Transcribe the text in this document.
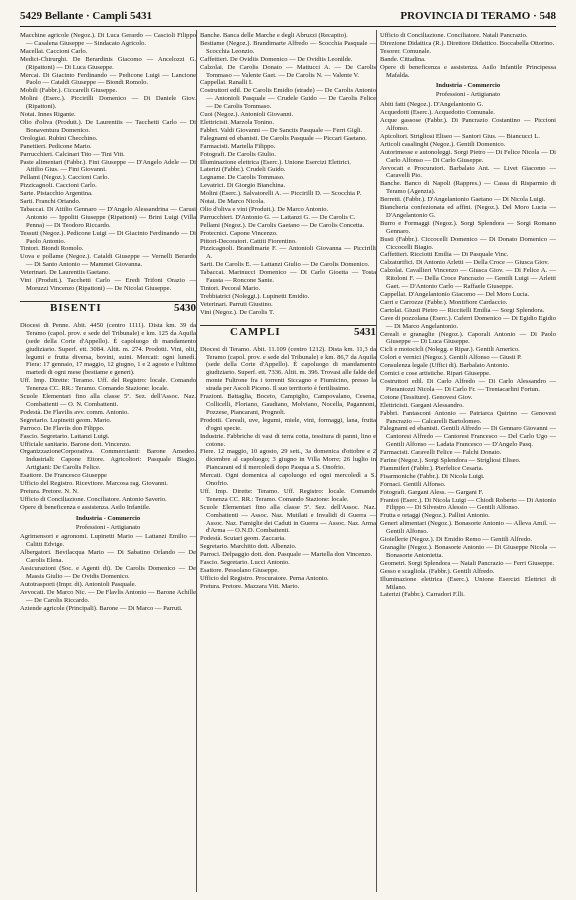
5429 Bellante · Campli 5431	PROVINCIA DI TERAMO · 548

Macchine agricole (Negoz.). Di Luca Gerardo — Cascioli Filippo — Casalena Giuseppe — Sindacato Agricolo.

Macellai. Caccioni Carlo.

Medici-Chirurghi. De Berardinis Giacomo — Ancelozzi G. (Ripattoni) — Di Luca Giuseppe.

Mercai. Di Giacinto Ferdinando — Pedicone Luigi — Lancione Paolo — Cataldi Giuseppe — Biondi Romolo.

Mobili (Fabbr.). Ciccarelli Giuseppe.

Molini (Eserc.). Piccirilli Domenico — Di Daniele Giov. (Ripattoni).

Notai. Innes Rigante.

Olio d'oliva (Produtt.). De Laurentiis — Tacchetti Carlo — Di Bonaventura Domenico.

Orologiai. Rubini Checchino.

Panettieri. Pedicone Mario.

Parrucchieri. Calcinari Tito — Tini Vitt.

Paste alimentari (Fabbr.). Fini Giuseppe — D'Angelo Adele — Di Attilio Gius. — Fini Giovanni.

Pellami (Negoz.). Caccioni Carlo.

Pizzicagnoli. Caccioni Carlo.

Sarte. Pistacchio Argentina.

Sarti. Franchi Oriando.

Tabaccai. Di Attilio Gennaro — D'Angelo Alessandrina — Carusi Antonio — Ippoliti Giuseppe (Ripattoni) — Brini Luigi (Villa Penna) — Di Teodoro Riccardo.

Tessuti (Negoz.). Pedicone Luigi — Di Giacinto Ferdinando — Di Paolo Antonio.

Tintori. Biondi Romolo.

Uova e pollame (Negoz.). Cataldi Giuseppe — Vernelli Berardo — Di Santo Antonio — Mammei Giovanna.

Veterinari. De Laurentiis Gaetano.

Vini (Produtt.). Tacchetti Carlo — Eredi Trifoni Orazio — Moruzzi Vincenzo (Ripattoni) — De Nicolai Giuseppe.

BISENTI	5430

Diocesi di Penne. Abit. 4450 (centro 1111). Dista km. 39 da Teramo (capol. prov. e sede del Tribunale) e km. 125 da Aquila (sede della Corte d'Appello). È capoluogo di mandamento giudiziario. Superf. ett. 3084. Altit. m. 274. Prodotti. Vini, olii, legumi e frutta diversa, bovini, suini. Mercati: ogni lunedì. Fiera: 17 gennaio, 17 maggio, 12 giugno, 1 e 2 agosto e l'ultimo martedì di ogni mese (bestiame e generi).

Uff. Imp. Dirette: Teramo. Uff. del Registro: locale. Comando Tenenza CC. RR.: Teramo. Comando Stazione: locale.

Scuole Elementari fino alla classe 5ª. Sez. dell'Assoc. Naz. Combattenti — O. N. Combattenti.

Podestà. De Flavilis avv. comm. Antonio.

Segretario. Lupinetti geom. Mario.

Parroco. De Flaviis don Filippo.

Fascio. Segretario. Lattanzi Luigi.

Ufficiale sanitario. Barone dott. Vincenzo.

OrganizzazioneCorporativa. Commercianti: Barone Amedeo. Industriali: Capone Ettore. Agricoltori: Pasquale Biagio. Artigiani: De Carolis Felice.

Esattore. De Francesco Giuseppe

Ufficio del Registro. Ricevitore. Marcosa rag. Giovanni.

Pretura. Pretore. N. N.

Ufficio di Conciliazione. Conciliatore. Antonio Saverio.

Opere di beneficenza e assistenza. Asilo Infantile.

Industria - Commercio
Professioni - Artigianato

Agrimensori e agronomi. Lupinetti Mario — Lattanzi Emilio — Calitti Edvige.

Albergatori. Bevilacqua Mario — Di Sabatino Orlando — De Carolis Elena.

Assicurazioni (Soc. e Agenti di). De Carolis Domenico — De Massis Giulio — De Ovidis Domenico.

Autotrasporti (Impr. di). Antonioli Pasquale.

Avvocati. De Marco Nic. — De Flavlis Antonio — Barone Achille — De Carolis Riccardo.

Aziende agricole (Principali). Barone — Di Marco — Parruti.

Banche. Banca delle Marche e degli Abruzzi (Recapito).

Bestiame (Negoz.). Brandimarte Alfredo — Scocchia Pasquale — Scocchia Leonzio.

Caffettieri. De Ovidiis Domenico — De Ovidiis Leonilde.

Calzolai. De Carolis Donato — Mattucci A. — De Carolis Tommaso — Valente Gaet. — De Carolis N. — Valente V.

Cappellai. Ranalli I.

Costruttori edil. De Carolis Emidio (strade) — De Carolis Antonio — Antonioli Pasquale — Crudele Guido — De Carolis Felice — De Carolis Tommaso.

Cuoi (Negoz.). Antonioli Giovanni.

Elettricisti. Marzola Tonino.

Fabbri. Valdi Giovanni — De Sanctis Pasquale — Ferri Gigli.

Falegnami ed ebanisti. De Carolis Pasquale — Piccari Gaetano.

Farmacisti. Martella Filippo.

Fotografi. De Carolis Giulio.

Illuminazione elettrica (Eserc.). Unione Esercizi Elettrici.

Laterizi (Fabbr.). Crudeli Guido.

Legname. De Carolis Tommaso.

Levatrici. Di Giorgio Bianchina.

Molini (Eserc.). Salvatorelli A. — Piccirilli D. — Scocchia P.

Notai. De Marco Nicola.

Olio d'oliva e vini (Produtt.). De Marco Antonio.

Parrucchieri. D'Antonio G. — Lattanzi G. — De Carolis C.

Pellami (Negoz.). De Carolis Gaetano — De Carolis Concetta.

Protecnici. Capone Vincenzo.

Pittori-Decoratori. Cattiti Fiorentino.

Pizzicagnoli. Brandimarte F. — Antonioli Giovanna — Piccirilli A.

Sarti. De Carolis E. — Lattanzi Giulio — De Carolis Domenico.

Tabaccai. Marinucci Domenico — Di Carlo Gioetta — Tosta Fausta — Roncone Sante.

Tintori. Pecoral Mario.

Trebbiatrici (Noleggi.). Lupinetti Emidio.

Veterinari. Parruti Giustino.

Vini (Negoz.). De Carolis T.

CAMPLI	5431

Diocesi di Teramo. Abit. 11.109 (centro 1212). Dista km. 11,3 da Teramo (capol. prov. e sede del Tribunale) e km. 86,7 da Aquila (sede della Corte d'Appello). È capoluogo di mandamento giudiziario. Superf. ett. 7336. Altit. m. 396. Trovasi alle falde del monte Fultrone fra i torrenti Siccagno e Fiumicino, presso la strada per Ascoli Piceno. Il suo territorio è fertilissimo.

Frazioni. Battaglia, Boceto, Campiglio, Campovalano, Cesena, Collicelli, Floriano, Gaudiano, Molviano, Nocella, Pagannoni, Pozzese, Piancarani, Prognoli.

Prodotti. Cereali, uve, legumi, miele, vini, formaggi, lana, frutta d'ogni specie.

Industrie. Fabbriche di vasi di terra cotta, tessitura di panni, lino e cotone.

Fiere. 12 maggio, 10 agosto, 29 sett., 3a domenica d'ottobre e 2 dicembre al capoluogo; 3 giugno in Villa Morre; 26 luglio in Piancarani ed il mercoledì dopo Pasqua a S. Onofrio.

Mercati. Ogni domenica al capoluogo ed ogni mercoledì a S. Onofrio.

Uff. Imp. Dirette: Teramo. Uff. Registro: locale. Comando Tenenza CC. RR.: Teramo. Comando Stazione: locale.

Scuole Elementari fino alla classe 5ª. Sez. dell'Assoc. Naz. Combattenti — Assoc. Naz. Mutilati e Invalidi di Guerra — Assoc. Naz. Famiglie dei Caduti in Guerra — Assoc. Naz. Arma d'Arma — O.N.D. Combattenti.

Podestà. Scutari geom. Zaccaria.

Segretario. Marchitto dott. Albenzio.

Parroci. Delpaggio dott. don. Pasquale — Martella don Vincenzo.

Fascio. Segretario. Lucci Antonio.

Esattore. Pessolano Giuseppe.

Ufficio del Registro. Procuratore. Perna Antonio.

Pretura. Pretore. Mazzara Vitt. Mario.

Ufficio di Conciliazione. Conciliatore. Natali Pancrazio.

Direzione Didattica (R.). Direttore Didattico. Boccabella Ottorino.

Tesorer. Comunale.

Bande. Cittadina.

Opere di beneficenza e assistenza. Asilo Infantile Principessa Mafalda.

Industria - Commercio
Professioni - Artigianato

Abiti fatti (Negoz.). D'Angelantonio G.

Acquedotti (Eserc.). Acquedotto Comunale.

Acque gassose (Fabbr.). Di Pancrazio Costantino — Piccioni Alfonso.

Apicoltori. Strigliosi Eliseo — Santori Gius. — Biancucci L.

Articoli casalinghi (Negoz.). Gentili Domenico.

Autorimesse e autonoleggi. Sorgi Pietro — Di Felice Nicola — Di Carlo Alfonso — Di Carlo Giuseppe.

Avvocati e Procuratori. Barbalato Ant. — Livet Giacomo — Caravelli Pio.

Banche. Banco di Napoli (Rappres.) — Cassa di Risparmio di Teramo (Agenzia).

Berretti. (Fabbr.). D'Angelantonio Gaetano — Di Nicola Luigi.

Biancheria confezionata ed affini. (Negoz.). Del Moro Lucia — D'Angelantonio G.

Burro e Formaggi (Negoz.). Sorgi Splendora — Sorgi Romano Gennaro.

Busti (Fabbr.). Ciccocelli Domenico — Di Donato Domenico — Ciccocelli Biagio.

Caffettieri. Ricciotti Emilia — Di Pasquale Vinc.

Calzaturifici. Di Antonio Arletti — Della Croce — Giusca Giov.

Calzolai. Cavallieri Vincenzo — Giusca Giov. — Di Felice A. — Ritoloni F. — Della Croce Pancrazio — Gentili Luigi — Arletti Gaet. — D'Antonio Carlo — Raffaele Giuseppe.

Cappellai. D'Angelantonio Giacomo — Del Moro Lucia.

Carri e Carrozze (Fabbr.). Montifiore Cardaccio.

Cartolai. Giusti Pietro — Riccitelli Emilia — Sorgi Splendora.

Cave di pozzolana (Eserc.). Caferri Domenico — Di Egidio Egidio — Di Marco Angelantonio.

Cereali e granaglie (Negoz.). Caporali Antonio — Di Paolo Giuseppe — Di Luca Giuseppe.

Cicli e motocicli (Nolegg. e Ripar.). Gentili Americo.

Colori e vernici (Negoz.). Gentili Alfonso — Giusti P.

Consulenza legale (Uffici di). Barbalato Antonio.

Cornici e cose artistiche. Ripari Giuseppe.

Costruttori edil. Di Carlo Alfredo — Di Carlo Alessandro — Pierantozzi Nicola — Di Carlo Fr. — Trentacarlini Fortun.

Cotone (Tessiture). Genovesi Giov.

Elettricisti. Gargani Alessandro.

Fabbri. Fantasconi Antonio — Patriarca Quirino — Genovesi Pancrazio — Calcarelli Bartolomeo.

Falegnami ed ebanisti. Gentili Alfredo — Di Gennaro Giovanni — Cantoresi Alfredo — Cantoresi Francesco — Del Carlo Ugo — Gentili Alfonso — Ladata Francesco — D'Angelo Pasq.

Farmacisti. Caravelli Felice — Falchi Donato.

Farine (Negoz.). Sorgi Splendora — Strigliosi Eliseo.

Fiammiferi (Fabbr.). Pierfelice Cesaria.

Fisarmoniche (Fabbr.). Di Nicola Luigi.

Fornaci. Gentili Alfonso.

Fotografi. Gargani Aless. — Gargani F.

Frantoi (Eserc.). Di Nicola Luigi — Chiodi Roberto — Di Antonio Filippo — Di Silvestro Alessio — Gentili Alfonso.

Frutta e ortaggi (Negoz.). Pallini Antonio.

Generi alimentari (Negoz.). Bonasorte Antonio — Alleva Amil. — Gentili Alfonso.

Gioiellerie (Negoz.). Di Emidio Remo — Gentili Alfredo.

Granaglie (Negoz.). Bonasorte Antonio — Di Giuseppe Nicola — Bonasorte Antonietta.

Geometri. Sorgi Splendora — Natali Pancrazio — Ferri Giuseppe.

Gesso e scagliola. (Fabbr.). Gentili Alfredo.

Illuminazione elettrica (Eserc.). Unione Esercizi Elettrici di Milano.

Laterizi (Fabbr.). Carradori F.lli.
